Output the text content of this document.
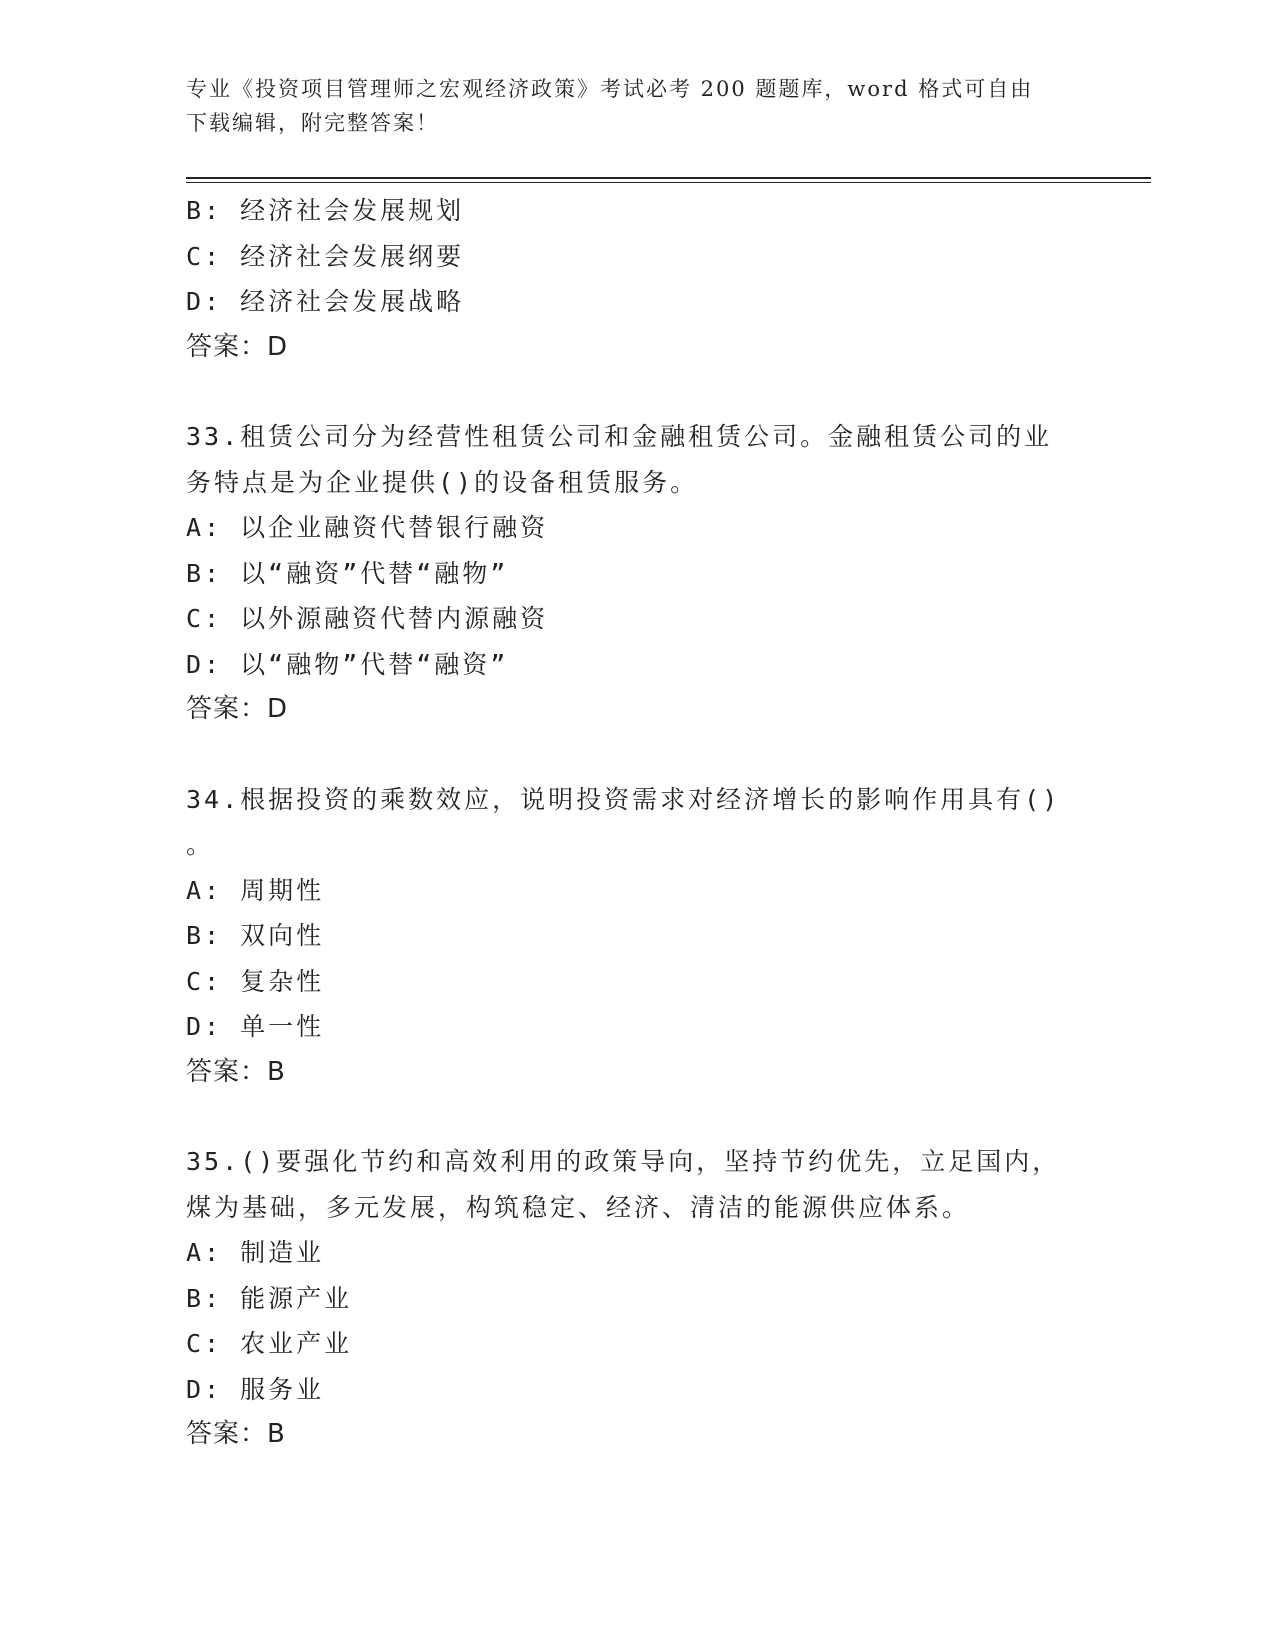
专业《投资项目管理师之宏观经济政策》考试必考 200 题题库，word 格式可自由
下载编辑，附完整答案！
B: 经济社会发展规划
C: 经济社会发展纲要
D: 经济社会发展战略
答案：D
33.租赁公司分为经营性租赁公司和金融租赁公司。金融租赁公司的业
务特点是为企业提供()的设备租赁服务。
A: 以企业融资代替银行融资
B: 以“融资”代替“融物”
C: 以外源融资代替内源融资
D: 以“融物”代替“融资”
答案：D
34.根据投资的乘数效应，说明投资需求对经济增长的影响作用具有()
。
A: 周期性
B: 双向性
C: 复杂性
D: 单一性
答案：B
35.()要强化节约和高效利用的政策导向，坚持节约优先，立足国内，
煤为基础，多元发展，构筑稳定、经济、清洁的能源供应体系。
A: 制造业
B: 能源产业
C: 农业产业
D: 服务业
答案：B
